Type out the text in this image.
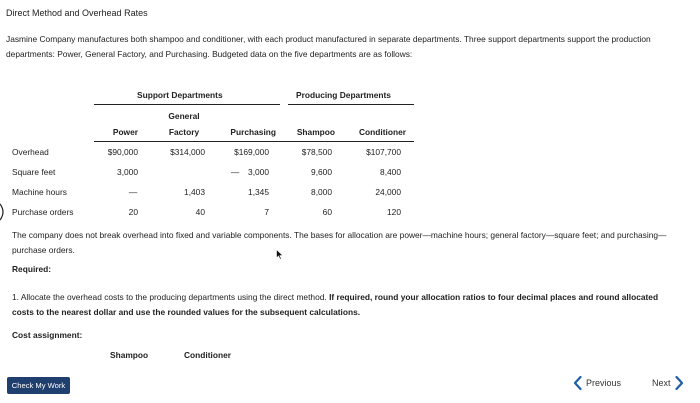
Direct Method and Overhead Rates
Jasmine Company manufactures both shampoo and conditioner, with each product manufactured in separate departments. Three support departments support the production departments: Power, General Factory, and Purchasing. Budgeted data on the five departments are as follows:
Support Departments	Producing Departments
General
Power	Factory	Purchasing	Shampoo	Conditioner
Overhead	$90,000	$314,000	$169,000	$78,500	$107,700
Square feet	3,000	—	3,000	9,600	8,400
Machine hours	—	1,403	1,345	8,000	24,000
Purchase orders	20	40	7	60	120
The company does not break overhead into fixed and variable components. The bases for allocation are power—machine hours; general factory—square feet; and purchasing—purchase orders.
Required:
1. Allocate the overhead costs to the producing departments using the direct method. If required, round your allocation ratios to four decimal places and round allocated costs to the nearest dollar and use the rounded values for the subsequent calculations.
Cost assignment:
Shampoo	Conditioner
Check My Work	Previous	Next
